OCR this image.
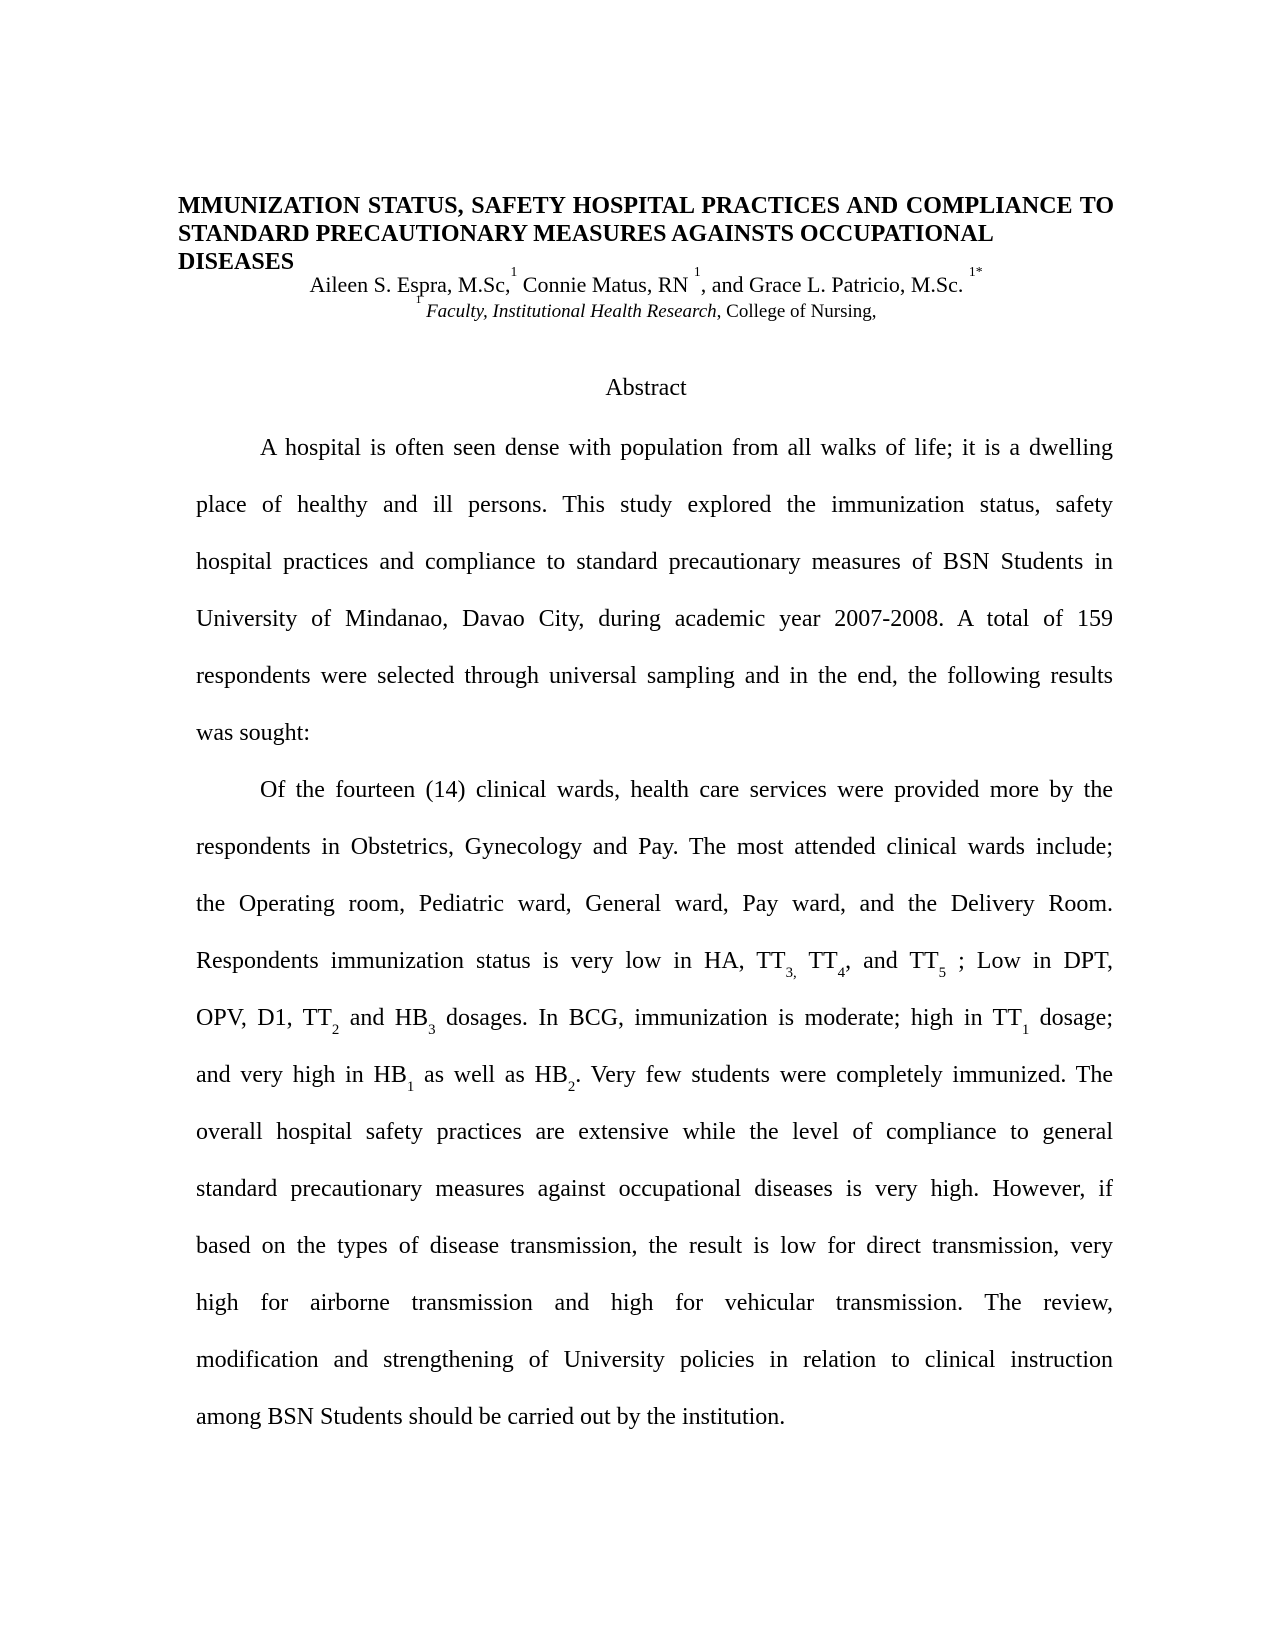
MMUNIZATION STATUS, SAFETY HOSPITAL PRACTICES AND COMPLIANCE TO
STANDARD PRECAUTIONARY MEASURES AGAINSTS OCCUPATIONAL DISEASES
Aileen S. Espra, M.Sc,$^1$ Connie Matus, RN $^1$, and Grace L. Patricio, M.Sc. $^{1*}$
$^1$ Faculty, Institutional Health Research, College of Nursing,
Abstract
A hospital is often seen dense with population from all walks of life; it is a dwelling
place of healthy and ill persons. This study explored the immunization status, safety
hospital practices and compliance to standard precautionary measures of BSN Students in
University of Mindanao, Davao City, during academic year 2007-2008. A total of 159
respondents were selected through universal sampling and in the end, the following results
was sought:
Of the fourteen (14) clinical wards, health care services were provided more by the
respondents in Obstetrics, Gynecology and Pay. The most attended clinical wards include;
the Operating room, Pediatric ward, General ward, Pay ward, and the Delivery Room.
Respondents immunization status is very low in HA, $TT_{3,}$ $TT_4$, and $TT_5$ ; Low in DPT,
OPV, D1, $TT_2$ and $HB_3$ dosages. In BCG, immunization is moderate; high in $TT_1$ dosage;
and very high in $HB_1$ as well as $HB_2$. Very few students were completely immunized. The
overall hospital safety practices are extensive while the level of compliance to general
standard precautionary measures against occupational diseases is very high. However, if
based on the types of disease transmission, the result is low for direct transmission, very
high for airborne transmission and high for vehicular transmission. The review,
modification and strengthening of University policies in relation to clinical instruction
among BSN Students should be carried out by the institution.
